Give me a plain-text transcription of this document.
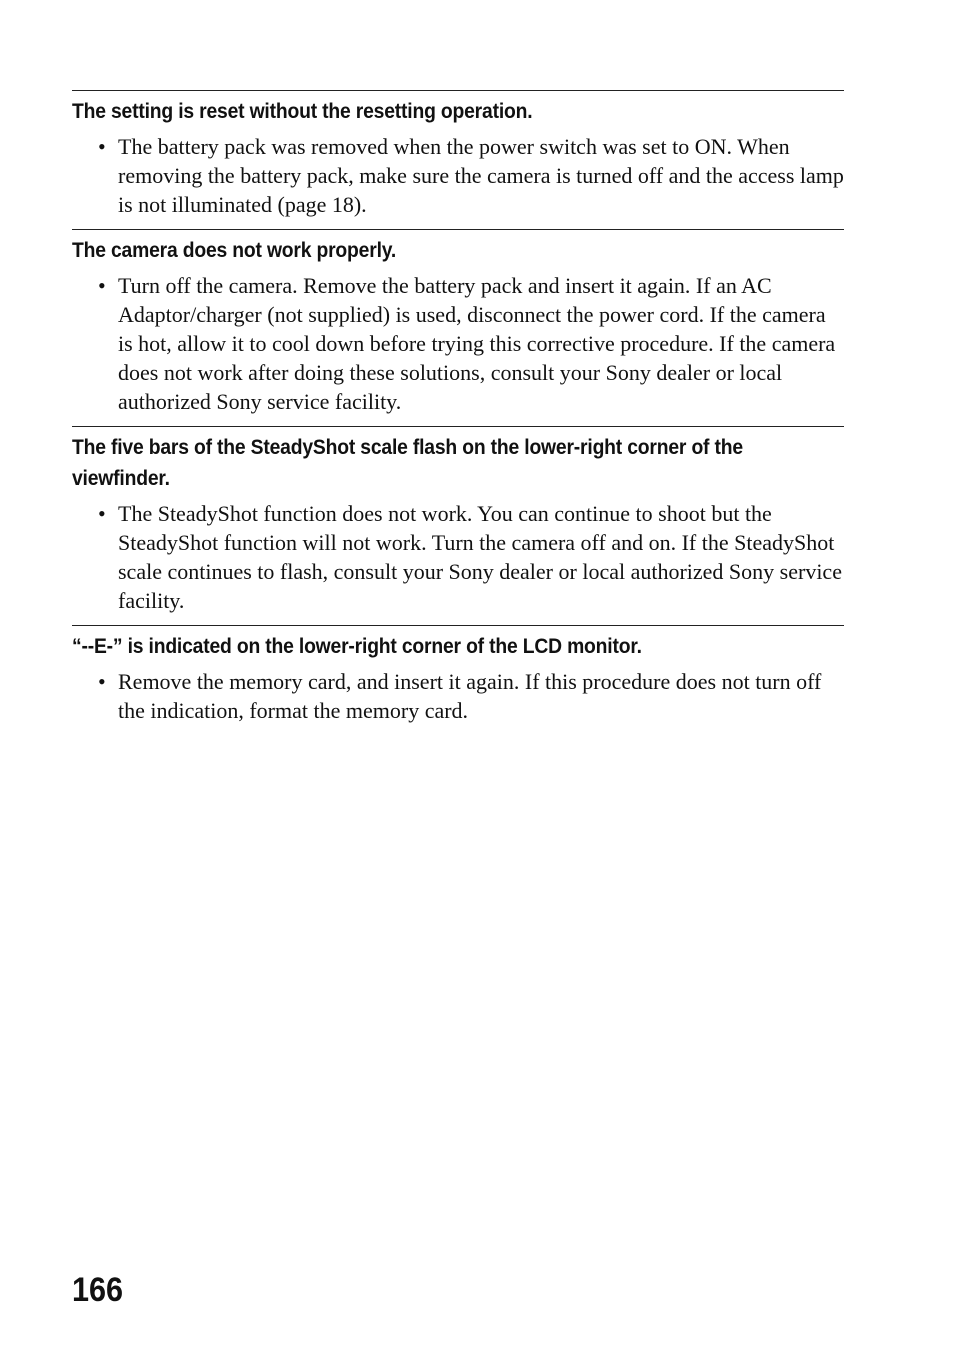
The setting is reset without the resetting operation.
• The battery pack was removed when the power switch was set to ON. When removing the battery pack, make sure the camera is turned off and the access lamp is not illuminated (page 18).
The camera does not work properly.
• Turn off the camera. Remove the battery pack and insert it again. If an AC Adaptor/charger (not supplied) is used, disconnect the power cord. If the camera is hot, allow it to cool down before trying this corrective procedure. If the camera does not work after doing these solutions, consult your Sony dealer or local authorized Sony service facility.
The five bars of the SteadyShot scale flash on the lower-right corner of the viewfinder.
• The SteadyShot function does not work. You can continue to shoot but the SteadyShot function will not work. Turn the camera off and on. If the SteadyShot scale continues to flash, consult your Sony dealer or local authorized Sony service facility.
“--E-” is indicated on the lower-right corner of the LCD monitor.
• Remove the memory card, and insert it again. If this procedure does not turn off the indication, format the memory card.
166
